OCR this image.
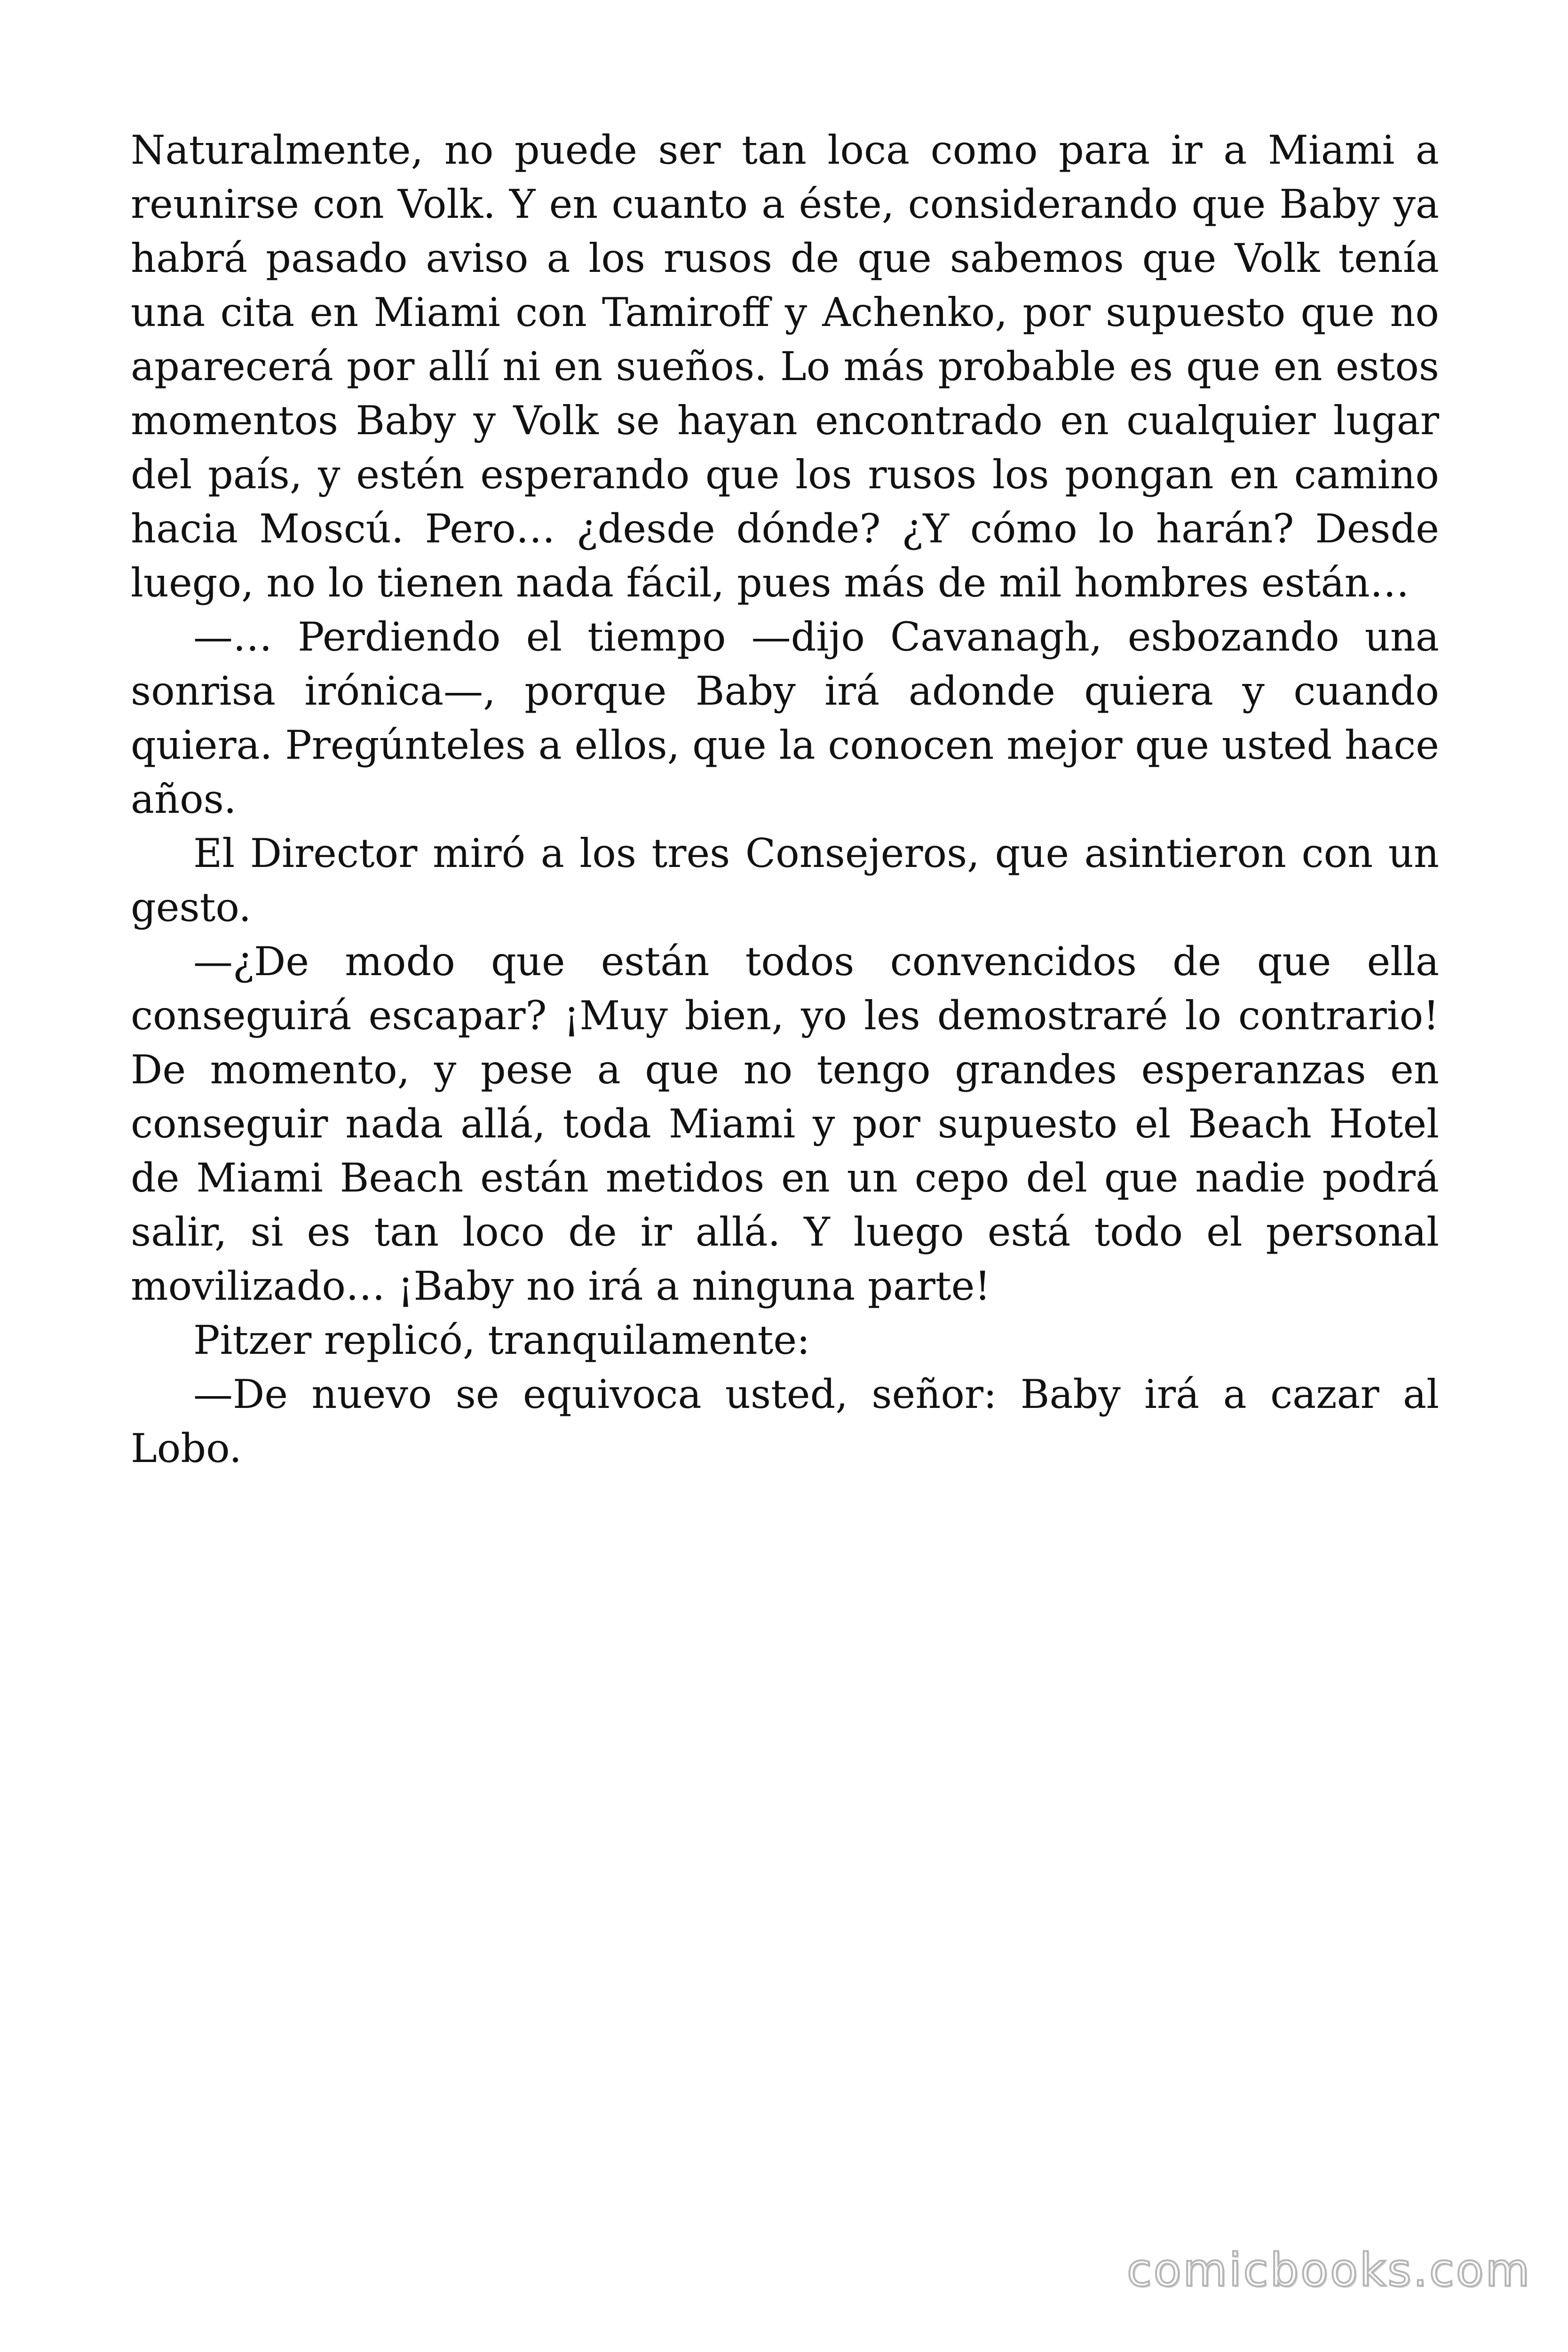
Naturalmente, no puede ser tan loca como para ir a Miami a reunirse con Volk. Y en cuanto a éste, considerando que Baby ya habrá pasado aviso a los rusos de que sabemos que Volk tenía una cita en Miami con Tamiroff y Achenko, por supuesto que no aparecerá por allí ni en sueños. Lo más probable es que en estos momentos Baby y Volk se hayan encontrado en cualquier lugar del país, y estén esperando que los rusos los pongan en camino hacia Moscú. Pero… ¿desde dónde? ¿Y cómo lo harán? Desde luego, no lo tienen nada fácil, pues más de mil hombres están…

—… Perdiendo el tiempo —dijo Cavanagh, esbozando una sonrisa irónica—, porque Baby irá adonde quiera y cuando quiera. Pregúnteles a ellos, que la conocen mejor que usted hace años.

El Director miró a los tres Consejeros, que asintieron con un gesto.

—¿De modo que están todos convencidos de que ella conseguirá escapar? ¡Muy bien, yo les demostraré lo contrario! De momento, y pese a que no tengo grandes esperanzas en conseguir nada allá, toda Miami y por supuesto el Beach Hotel de Miami Beach están metidos en un cepo del que nadie podrá salir, si es tan loco de ir allá. Y luego está todo el personal movilizado… ¡Baby no irá a ninguna parte!

Pitzer replicó, tranquilamente:

—De nuevo se equivoca usted, señor: Baby irá a cazar al Lobo.

comicbooks.com
